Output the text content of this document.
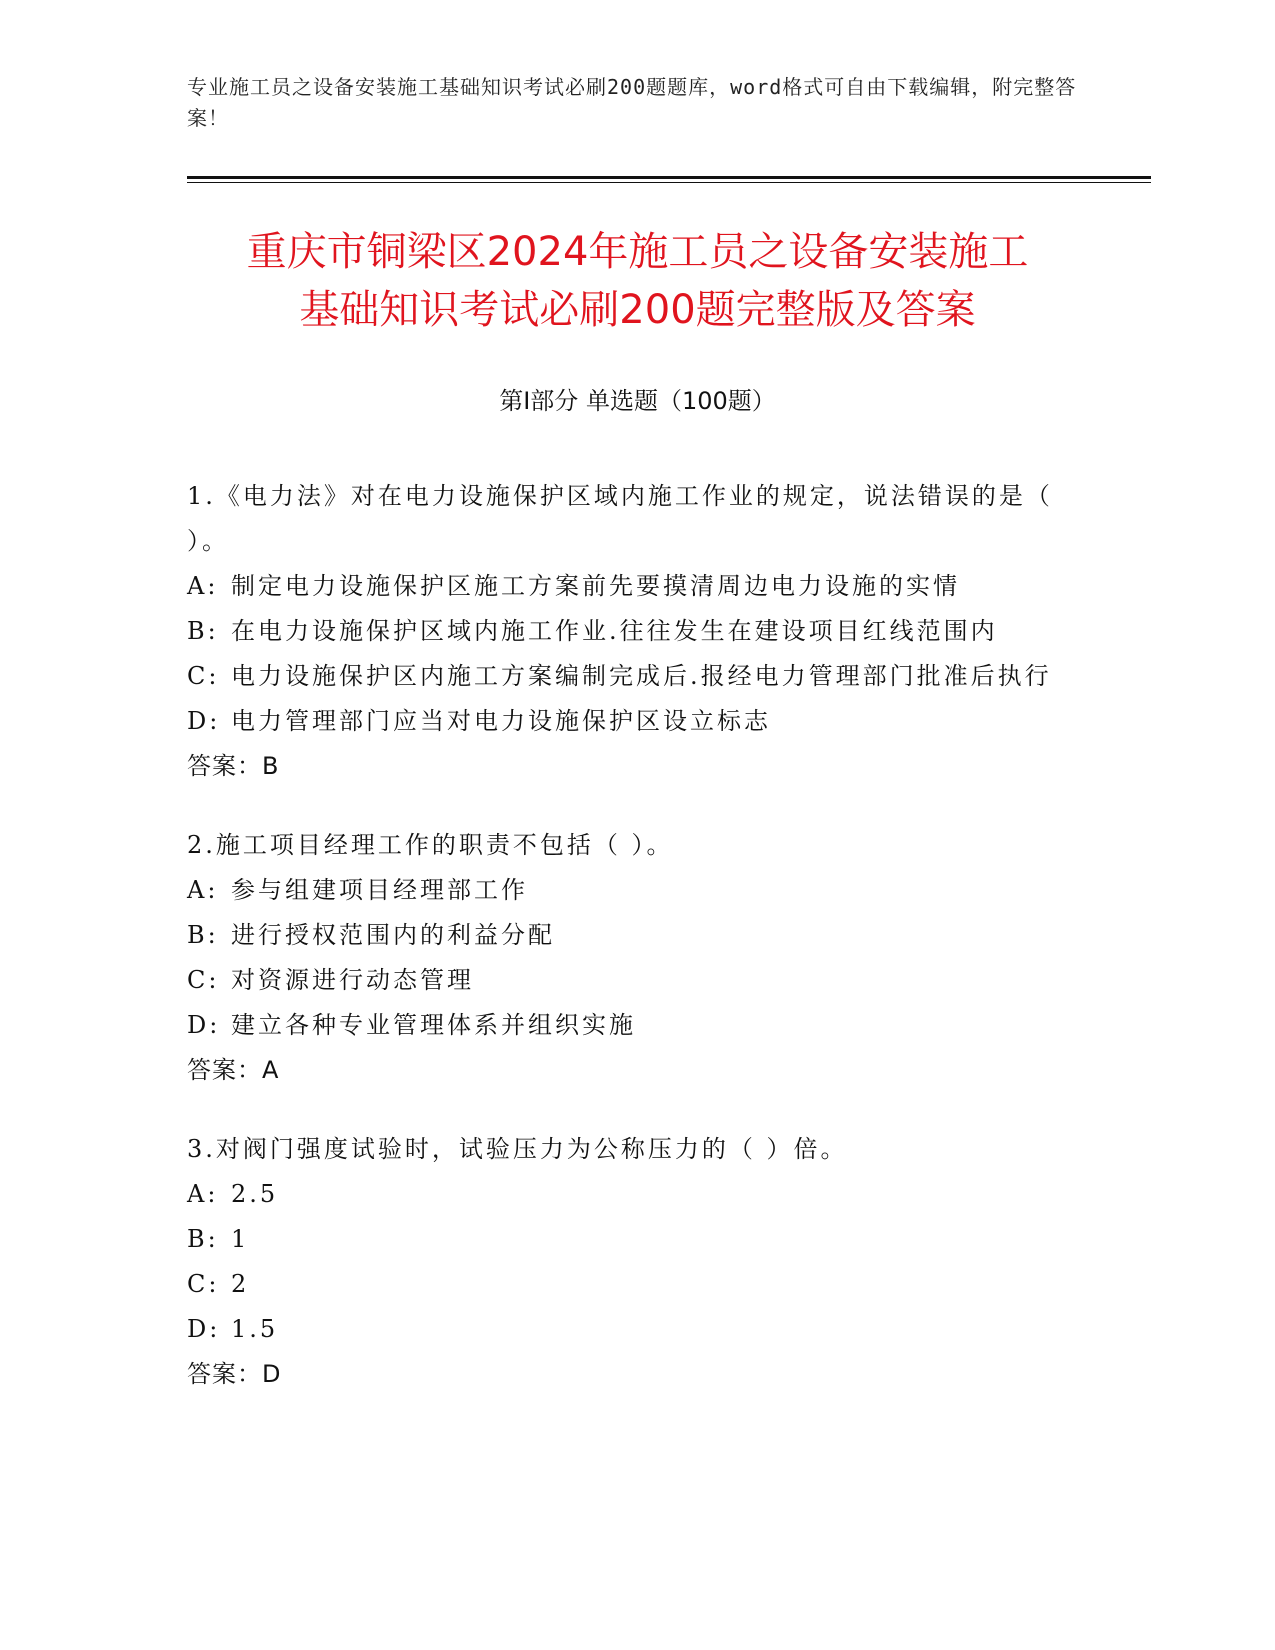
专业施工员之设备安装施工基础知识考试必刷200题题库，word格式可自由下载编辑，附完整答案！
重庆市铜梁区2024年施工员之设备安装施工
基础知识考试必刷200题完整版及答案
第Ⅰ部分 单选题（100题）
1.《电力法》对在电力设施保护区域内施工作业的规定，说法错误的是（ ）。
A: 制定电力设施保护区施工方案前先要摸清周边电力设施的实情
B: 在电力设施保护区域内施工作业.往往发生在建设项目红线范围内
C: 电力设施保护区内施工方案编制完成后.报经电力管理部门批准后执行
D: 电力管理部门应当对电力设施保护区设立标志
答案：B
2.施工项目经理工作的职责不包括（ ）。
A: 参与组建项目经理部工作
B: 进行授权范围内的利益分配
C: 对资源进行动态管理
D: 建立各种专业管理体系并组织实施
答案：A
3.对阀门强度试验时，试验压力为公称压力的（ ）倍。
A: 2.5
B: 1
C: 2
D: 1.5
答案：D
